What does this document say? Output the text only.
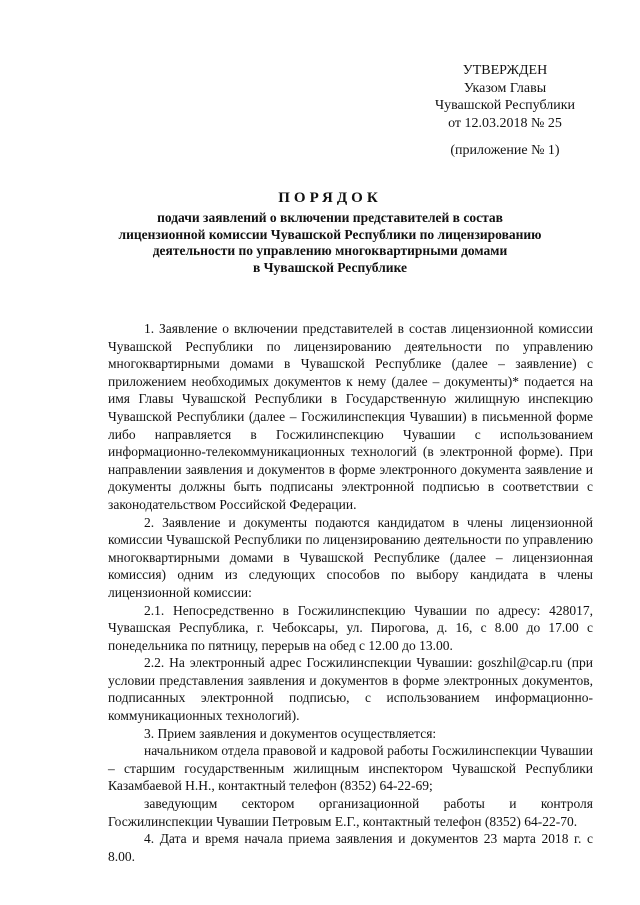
УТВЕРЖДЕН
Указом Главы
Чувашской Республики
от 12.03.2018 № 25
(приложение № 1)
ПОРЯДОК
подачи заявлений о включении представителей в состав
лицензионной комиссии Чувашской Республики по лицензированию
деятельности по управлению многоквартирными домами
в Чувашской Республике

1. Заявление о включении представителей в состав лицензионной комиссии Чувашской Республики по лицензированию деятельности по управлению многоквартирными домами в Чувашской Республике (далее – заявление) с приложением необходимых документов к нему (далее – документы)* подается на имя Главы Чувашской Республики в Государственную жилищную инспекцию Чувашской Республики (далее – Госжилинспекция Чувашии) в письменной форме либо направляется в Госжилинспекцию Чувашии с использованием информационно-телекоммуникационных технологий (в электронной форме). При направлении заявления и документов в форме электронного документа заявление и документы должны быть подписаны электронной подписью в соответствии с законодательством Российской Федерации.

2. Заявление и документы подаются кандидатом в члены лицензионной комиссии Чувашской Республики по лицензированию деятельности по управлению многоквартирными домами в Чувашской Республике (далее – лицензионная комиссия) одним из следующих способов по выбору кандидата в члены лицензионной комиссии:

2.1. Непосредственно в Госжилинспекцию Чувашии по адресу: 428017, Чувашская Республика, г. Чебоксары, ул. Пирогова, д. 16, с 8.00 до 17.00 с понедельника по пятницу, перерыв на обед с 12.00 до 13.00.

2.2. На электронный адрес Госжилинспекции Чувашии: goszhil@cap.ru (при условии представления заявления и документов в форме электронных документов, подписанных электронной подписью, с использованием информационно-коммуникационных технологий).

3. Прием заявления и документов осуществляется:

начальником отдела правовой и кадровой работы Госжилинспекции Чувашии – старшим государственным жилищным инспектором Чувашской Республики Казамбаевой Н.Н., контактный телефон (8352) 64-22-69;

заведующим сектором организационной работы и контроля Госжилинспекции Чувашии Петровым Е.Г., контактный телефон (8352) 64-22-70.

4. Дата и время начала приема заявления и документов 23 марта 2018 г. с 8.00.
